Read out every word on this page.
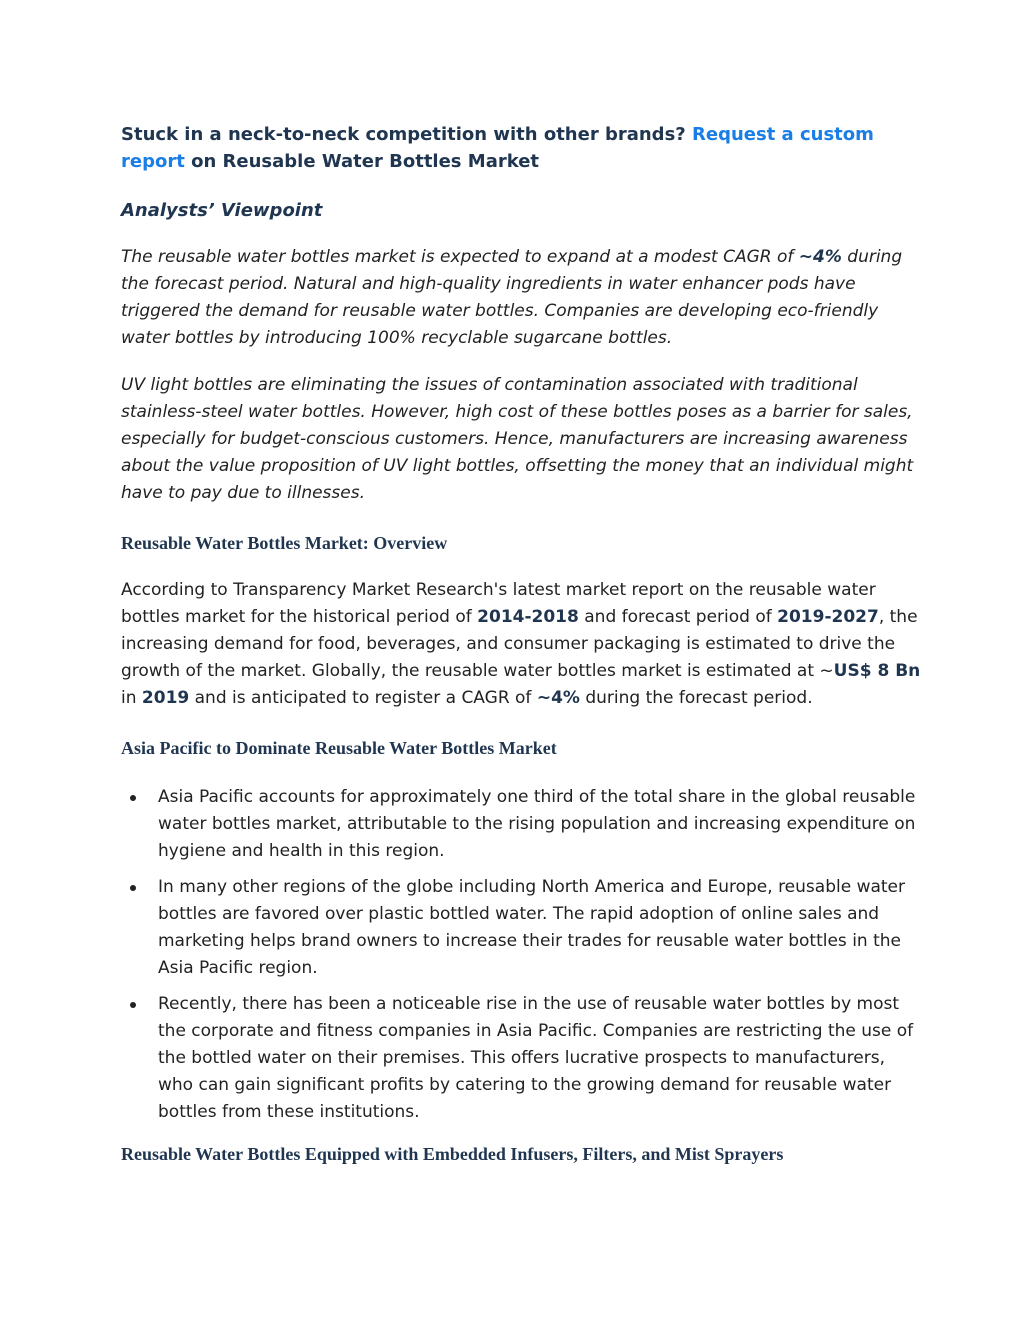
Stuck in a neck-to-neck competition with other brands? Request a custom report on Reusable Water Bottles Market

Analysts’ Viewpoint

The reusable water bottles market is expected to expand at a modest CAGR of ~4% during the forecast period. Natural and high-quality ingredients in water enhancer pods have triggered the demand for reusable water bottles. Companies are developing eco-friendly water bottles by introducing 100% recyclable sugarcane bottles.

UV light bottles are eliminating the issues of contamination associated with traditional stainless-steel water bottles. However, high cost of these bottles poses as a barrier for sales, especially for budget-conscious customers. Hence, manufacturers are increasing awareness about the value proposition of UV light bottles, offsetting the money that an individual might have to pay due to illnesses.

Reusable Water Bottles Market: Overview

According to Transparency Market Research's latest market report on the reusable water bottles market for the historical period of 2014-2018 and forecast period of 2019-2027, the increasing demand for food, beverages, and consumer packaging is estimated to drive the growth of the market. Globally, the reusable water bottles market is estimated at ~US$ 8 Bn in 2019 and is anticipated to register a CAGR of ~4% during the forecast period.

Asia Pacific to Dominate Reusable Water Bottles Market

Asia Pacific accounts for approximately one third of the total share in the global reusable water bottles market, attributable to the rising population and increasing expenditure on hygiene and health in this region.
In many other regions of the globe including North America and Europe, reusable water bottles are favored over plastic bottled water. The rapid adoption of online sales and marketing helps brand owners to increase their trades for reusable water bottles in the Asia Pacific region.
Recently, there has been a noticeable rise in the use of reusable water bottles by most the corporate and fitness companies in Asia Pacific. Companies are restricting the use of the bottled water on their premises. This offers lucrative prospects to manufacturers, who can gain significant profits by catering to the growing demand for reusable water bottles from these institutions.

Reusable Water Bottles Equipped with Embedded Infusers, Filters, and Mist Sprayers
